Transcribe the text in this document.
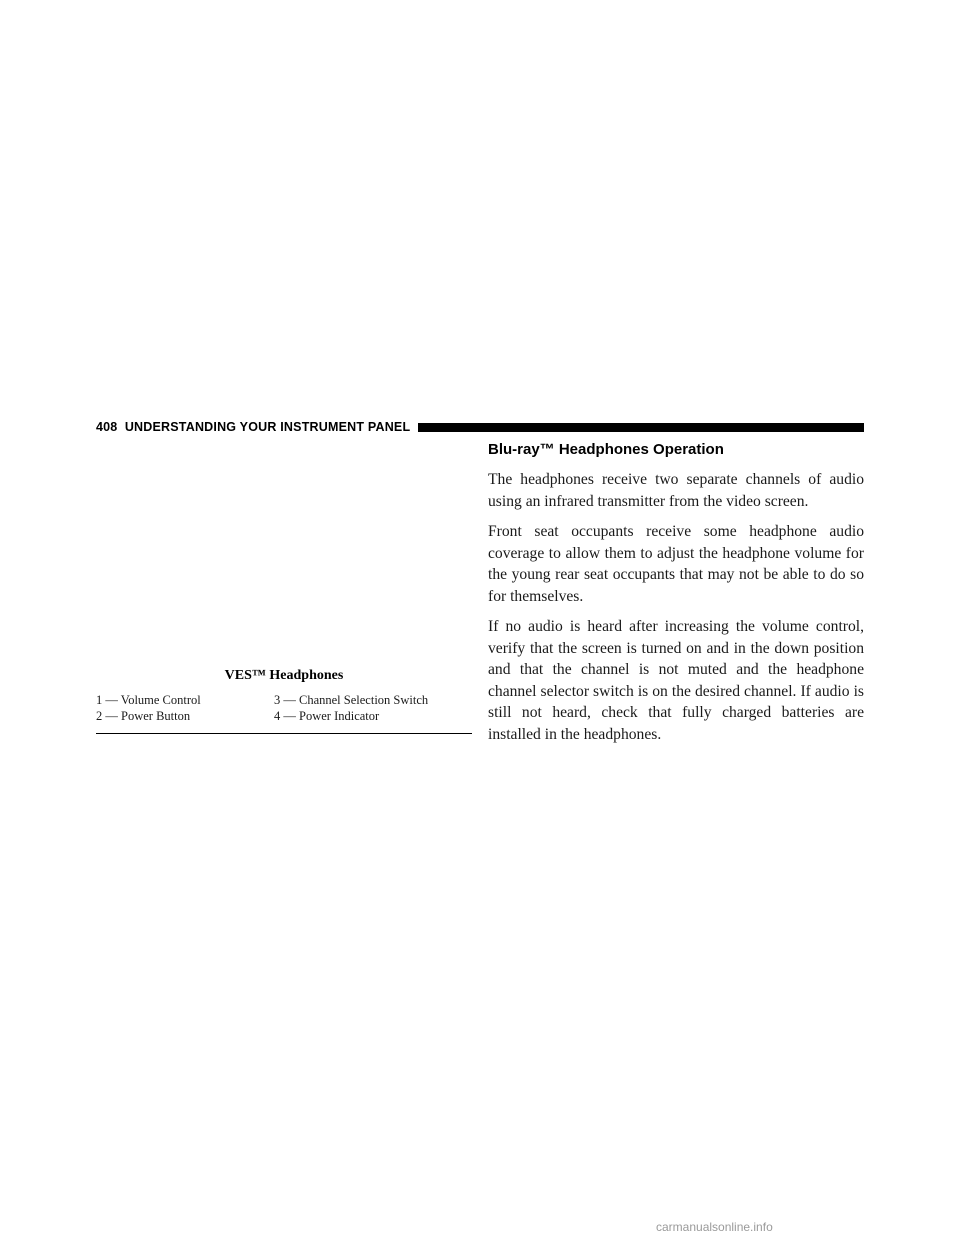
408 UNDERSTANDING YOUR INSTRUMENT PANEL
VES™ Headphones
1 — Volume Control	3 — Channel Selection Switch
2 — Power Button	4 — Power Indicator
Blu-ray™ Headphones Operation

The headphones receive two separate channels of audio using an infrared transmitter from the video screen.

Front seat occupants receive some headphone audio coverage to allow them to adjust the headphone volume for the young rear seat occupants that may not be able to do so for themselves.

If no audio is heard after increasing the volume control, verify that the screen is turned on and in the down position and that the channel is not muted and the headphone channel selector switch is on the desired channel. If audio is still not heard, check that fully charged batteries are installed in the headphones.

carmanualsonline.info
